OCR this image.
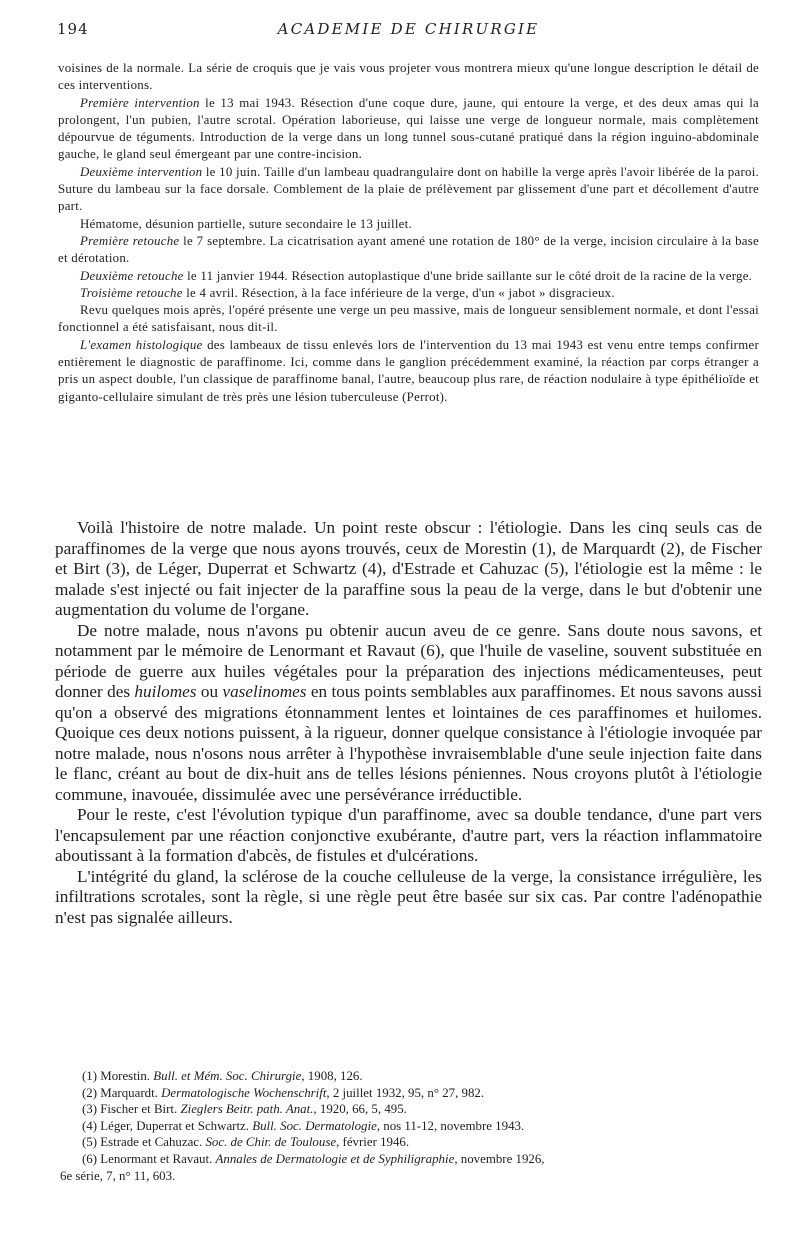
194	ACADEMIE DE CHIRURGIE

voisines de la normale. La série de croquis que je vais vous projeter vous montrera mieux qu'une longue description le détail de ces interventions.

Première intervention le 13 mai 1943. Résection d'une coque dure, jaune, qui entoure la verge, et des deux amas qui la prolongent, l'un pubien, l'autre scrotal. Opération laborieuse, qui laisse une verge de longueur normale, mais complètement dépourvue de téguments. Introduction de la verge dans un long tunnel sous-cutané pratiqué dans la région inguino-abdominale gauche, le gland seul émergeant par une contre-incision.

Deuxième intervention le 10 juin. Taille d'un lambeau quadrangulaire dont on habille la verge après l'avoir libérée de la paroi. Suture du lambeau sur la face dorsale. Comblement de la plaie de prélèvement par glissement d'une part et décollement d'autre part.

Hématome, désunion partielle, suture secondaire le 13 juillet.

Première retouche le 7 septembre. La cicatrisation ayant amené une rotation de 180° de la verge, incision circulaire à la base et dérotation.

Deuxième retouche le 11 janvier 1944. Résection autoplastique d'une bride saillante sur le côté droit de la racine de la verge.

Troisième retouche le 4 avril. Résection, à la face inférieure de la verge, d'un « jabot » disgracieux.

Revu quelques mois après, l'opéré présente une verge un peu massive, mais de longueur sensiblement normale, et dont l'essai fonctionnel a été satisfaisant, nous dit-il.

L'examen histologique des lambeaux de tissu enlevés lors de l'intervention du 13 mai 1943 est venu entre temps confirmer entièrement le diagnostic de paraffinome. Ici, comme dans le ganglion précédemment examiné, la réaction par corps étranger a pris un aspect double, l'un classique de paraffinome banal, l'autre, beaucoup plus rare, de réaction nodulaire à type épithélioïde et giganto-cellulaire simulant de très près une lésion tuberculeuse (Perrot).

Voilà l'histoire de notre malade. Un point reste obscur : l'étiologie. Dans les cinq seuls cas de paraffinomes de la verge que nous ayons trouvés, ceux de Morestin (1), de Marquardt (2), de Fischer et Birt (3), de Léger, Duperrat et Schwartz (4), d'Estrade et Cahuzac (5), l'étiologie est la même : le malade s'est injecté ou fait injecter de la paraffine sous la peau de la verge, dans le but d'obtenir une augmentation du volume de l'organe.

De notre malade, nous n'avons pu obtenir aucun aveu de ce genre. Sans doute nous savons, et notamment par le mémoire de Lenormant et Ravaut (6), que l'huile de vaseline, souvent substituée en période de guerre aux huiles végétales pour la préparation des injections médicamenteuses, peut donner des huilomes ou vaselinomes en tous points semblables aux paraffinomes. Et nous savons aussi qu'on a observé des migrations étonnamment lentes et lointaines de ces paraffinomes et huilomes. Quoique ces deux notions puissent, à la rigueur, donner quelque consistance à l'étiologie invoquée par notre malade, nous n'osons nous arrêter à l'hypothèse invraisemblable d'une seule injection faite dans le flanc, créant au bout de dix-huit ans de telles lésions péniennes. Nous croyons plutôt à l'étiologie commune, inavouée, dissimulée avec une persévérance irréductible.

Pour le reste, c'est l'évolution typique d'un paraffinome, avec sa double tendance, d'une part vers l'encapsulement par une réaction conjonctive exubérante, d'autre part, vers la réaction inflammatoire aboutissant à la formation d'abcès, de fistules et d'ulcérations.

L'intégrité du gland, la sclérose de la couche celluleuse de la verge, la consistance irrégulière, les infiltrations scrotales, sont la règle, si une règle peut être basée sur six cas. Par contre l'adénopathie n'est pas signalée ailleurs.

(1) Morestin. Bull. et Mém. Soc. Chirurgie, 1908, 126.

(2) Marquardt. Dermatologische Wochenschrift, 2 juillet 1932, 95, n° 27, 982.

(3) Fischer et Birt. Zieglers Beitr. path. Anat., 1920, 66, 5, 495.

(4) Léger, Duperrat et Schwartz. Bull. Soc. Dermatologie, nos 11-12, novembre 1943.

(5) Estrade et Cahuzac. Soc. de Chir. de Toulouse, février 1946.

(6) Lenormant et Ravaut. Annales de Dermatologie et de Syphiligraphie, novembre 1926,

6e série, 7, n° 11, 603.
